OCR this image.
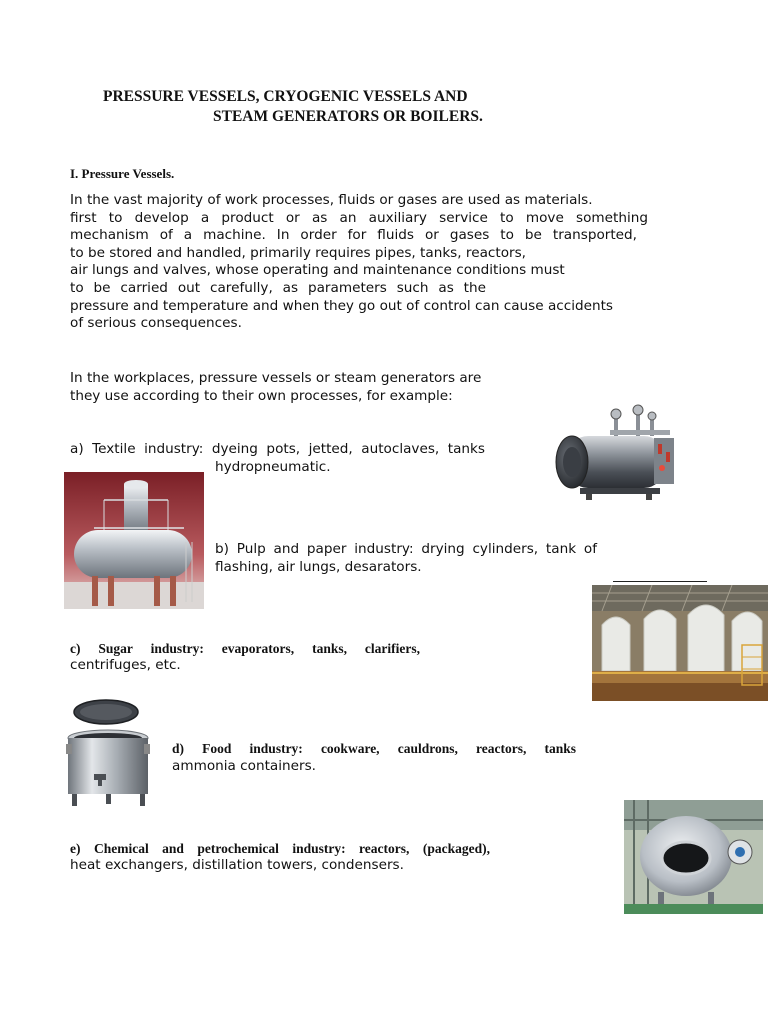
PRESSURE VESSELS, CRYOGENIC VESSELS AND
STEAM GENERATORS OR BOILERS.
I. Pressure Vessels.
In the vast majority of work processes, fluids or gases are used as materials.
first to develop a product or as an auxiliary service to move something
mechanism of a machine. In order for fluids or gases to be transported,
to be stored and handled, primarily requires pipes, tanks, reactors,
air lungs and valves, whose operating and maintenance conditions must
to be carried out carefully, as parameters such as the
pressure and temperature and when they go out of control can cause accidents
of serious consequences.
In the workplaces, pressure vessels or steam generators are
they use according to their own processes, for example:
a) Textile industry: dyeing pots, jetted, autoclaves, tanks
hydropneumatic.
b) Pulp and paper industry: drying cylinders, tank of
flashing, air lungs, desarators.
c) Sugar industry: evaporators, tanks, clarifiers,
centrifuges, etc.
d) Food industry: cookware, cauldrons, reactors, tanks
ammonia containers.
e) Chemical and petrochemical industry: reactors, (packaged),
heat exchangers, distillation towers, condensers.
